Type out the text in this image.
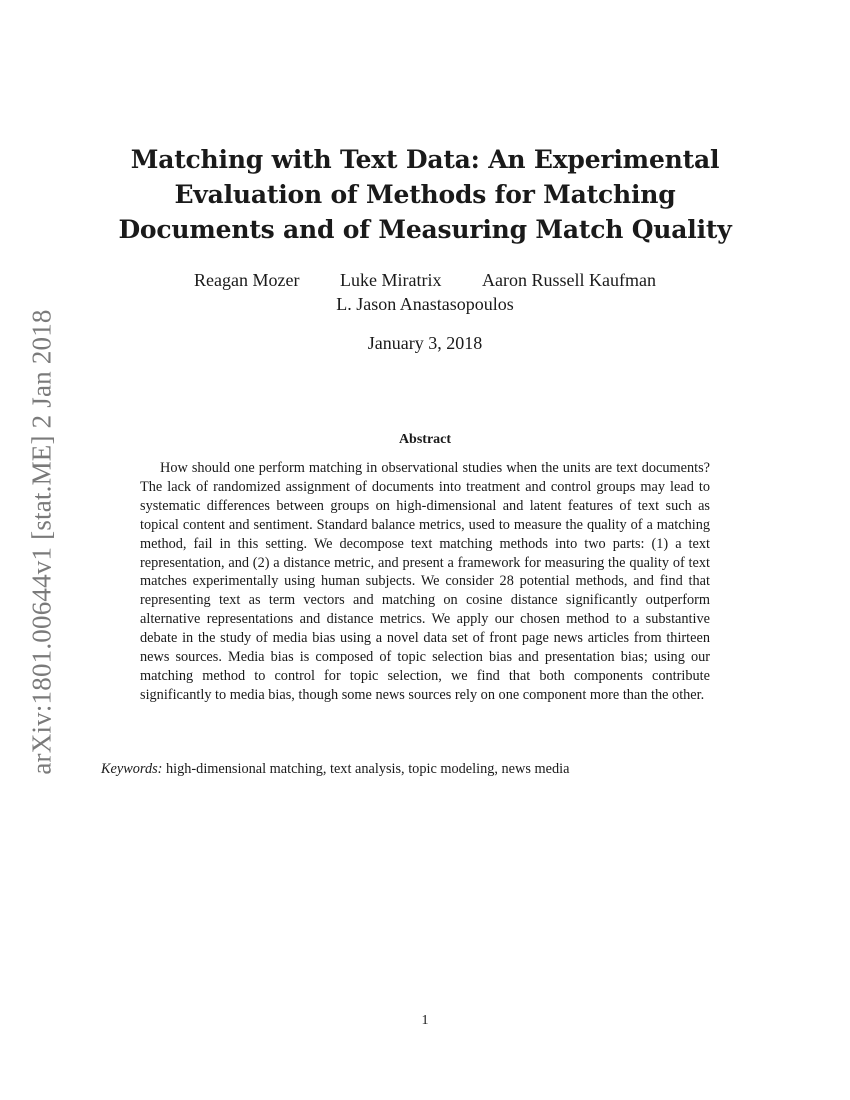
arXiv:1801.00644v1 [stat.ME] 2 Jan 2018
Matching with Text Data: An Experimental
Evaluation of Methods for Matching
Documents and of Measuring Match Quality
Reagan Mozer Luke Miratrix Aaron Russell Kaufman
L. Jason Anastasopoulos
January 3, 2018
Abstract

How should one perform matching in observational studies when the units are text documents? The lack of randomized assignment of documents into treatment and control groups may lead to systematic differences between groups on high-dimensional and latent features of text such as topical content and sentiment. Standard balance metrics, used to measure the quality of a matching method, fail in this setting. We decompose text matching methods into two parts: (1) a text representation, and (2) a distance metric, and present a framework for measuring the quality of text matches experimentally using human subjects. We consider 28 potential methods, and find that representing text as term vectors and matching on cosine distance significantly outperform alternative representations and distance metrics. We apply our chosen method to a substantive debate in the study of media bias using a novel data set of front page news articles from thirteen news sources. Media bias is composed of topic selection bias and presentation bias; using our matching method to control for topic selection, we find that both components contribute significantly to media bias, though some news sources rely on one component more than the other.

Keywords: high-dimensional matching, text analysis, topic modeling, news media
1
